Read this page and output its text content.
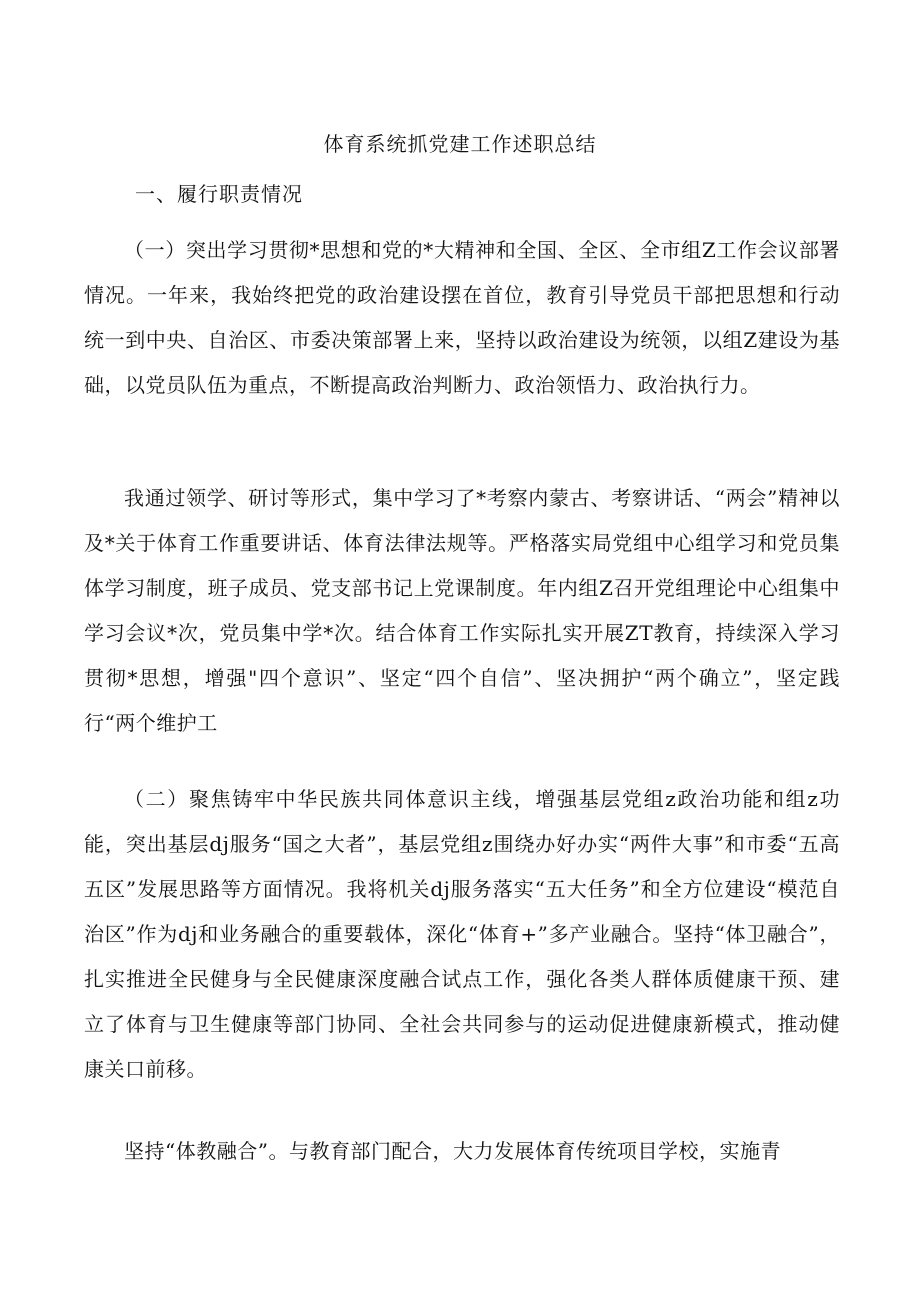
体育系统抓党建工作述职总结
一、履行职责情况

（一）突出学习贯彻*思想和党的*大精神和全国、全区、全市组Z工作会议部署情况。一年来，我始终把党的政治建设摆在首位，教育引导党员干部把思想和行动统一到中央、自治区、市委决策部署上来，坚持以政治建设为统领，以组Z建设为基础，以党员队伍为重点，不断提高政治判断力、政治领悟力、政治执行力。

我通过领学、研讨等形式，集中学习了*考察内蒙古、考察讲话、“两会”精神以及*关于体育工作重要讲话、体育法律法规等。严格落实局党组中心组学习和党员集体学习制度，班子成员、党支部书记上党课制度。年内组Z召开党组理论中心组集中学习会议*次，党员集中学*次。结合体育工作实际扎实开展ZT教育，持续深入学习贯彻*思想，增强"四个意识”、坚定“四个自信”、坚决拥护“两个确立”，坚定践行“两个维护工

（二）聚焦铸牢中华民族共同体意识主线，增强基层党组z政治功能和组z功能，突出基层dj服务“国之大者”，基层党组z围绕办好办实“两件大事”和市委“五高五区”发展思路等方面情况。我将机关dj服务落实“五大任务”和全方位建设“模范自治区”作为dj和业务融合的重要载体，深化“体育+”多产业融合。坚持“体卫融合”，扎实推进全民健身与全民健康深度融合试点工作，强化各类人群体质健康干预、建立了体育与卫生健康等部门协同、全社会共同参与的运动促进健康新模式，推动健康关口前移。

坚持“体教融合”。与教育部门配合，大力发展体育传统项目学校，实施青
